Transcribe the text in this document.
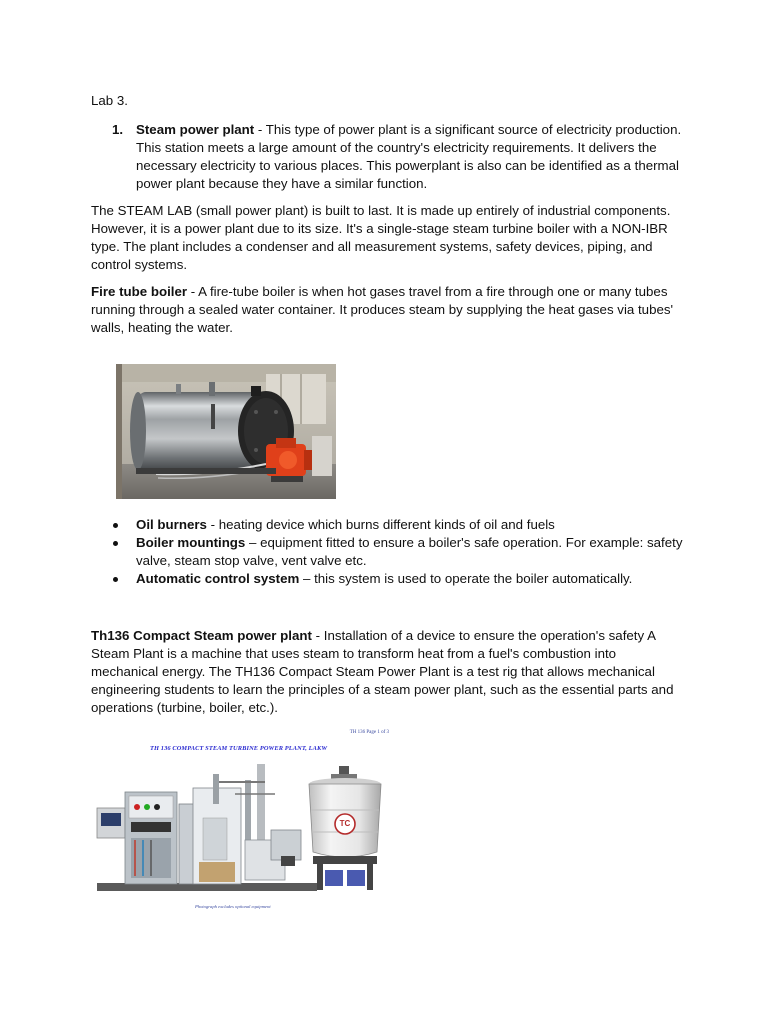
Lab 3.
1. Steam power plant - This type of power plant is a significant source of electricity production. This station meets a large amount of the country's electricity requirements. It delivers the necessary electricity to various places. This powerplant is also can be identified as a thermal power plant because they have a similar function.
The STEAM LAB (small power plant) is built to last. It is made up entirely of industrial components. However, it is a power plant due to its size. It's a single-stage steam turbine boiler with a NON-IBR type. The plant includes a condenser and all measurement systems, safety devices, piping, and control systems.
Fire tube boiler - A fire-tube boiler is when hot gases travel from a fire through one or many tubes running through a sealed water container. It produces steam by supplying the heat gases via tubes' walls, heating the water.
Oil burners - heating device which burns different kinds of oil and fuels
Boiler mountings – equipment fitted to ensure a boiler's safe operation. For example: safety valve, steam stop valve, vent valve etc.
Automatic control system – this system is used to operate the boiler automatically.
Th136 Compact Steam power plant - Installation of a device to ensure the operation's safety A Steam Plant is a machine that uses steam to transform heat from a fuel's combustion into mechanical energy. The TH136 Compact Steam Power Plant is a test rig that allows mechanical engineering students to learn the principles of a steam power plant, such as the essential parts and operations (turbine, boiler, etc.).
TH 136 Page 1 of 3
TH 136 COMPACT STEAM TURBINE POWER PLANT, LAKW
TC
Photograph excludes optional equipment
